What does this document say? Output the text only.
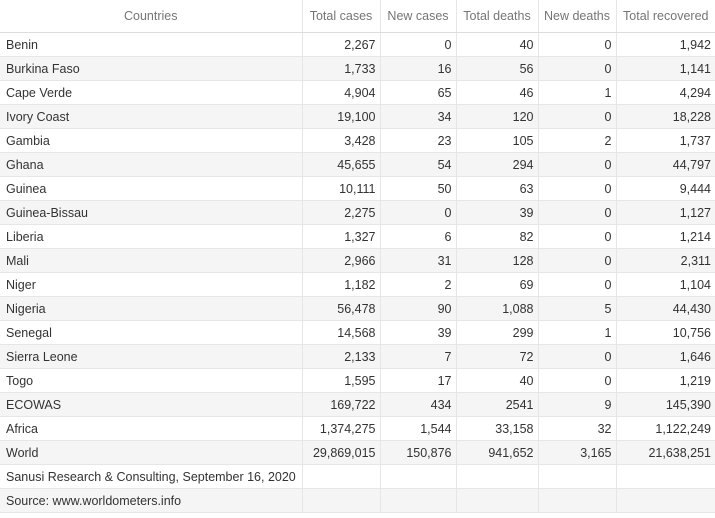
Countries	Total cases	New cases	Total deaths	New deaths	Total recovered
Benin	2,267	0	40	0	1,942
Burkina Faso	1,733	16	56	0	1,141
Cape Verde	4,904	65	46	1	4,294
Ivory Coast	19,100	34	120	0	18,228
Gambia	3,428	23	105	2	1,737
Ghana	45,655	54	294	0	44,797
Guinea	10,111	50	63	0	9,444
Guinea-Bissau	2,275	0	39	0	1,127
Liberia	1,327	6	82	0	1,214
Mali	2,966	31	128	0	2,311
Niger	1,182	2	69	0	1,104
Nigeria	56,478	90	1,088	5	44,430
Senegal	14,568	39	299	1	10,756
Sierra Leone	2,133	7	72	0	1,646
Togo	1,595	17	40	0	1,219
ECOWAS	169,722	434	2541	9	145,390
Africa	1,374,275	1,544	33,158	32	1,122,249
World	29,869,015	150,876	941,652	3,165	21,638,251
Sanusi Research & Consulting, September 16, 2020					
Source: www.worldometers.info					
